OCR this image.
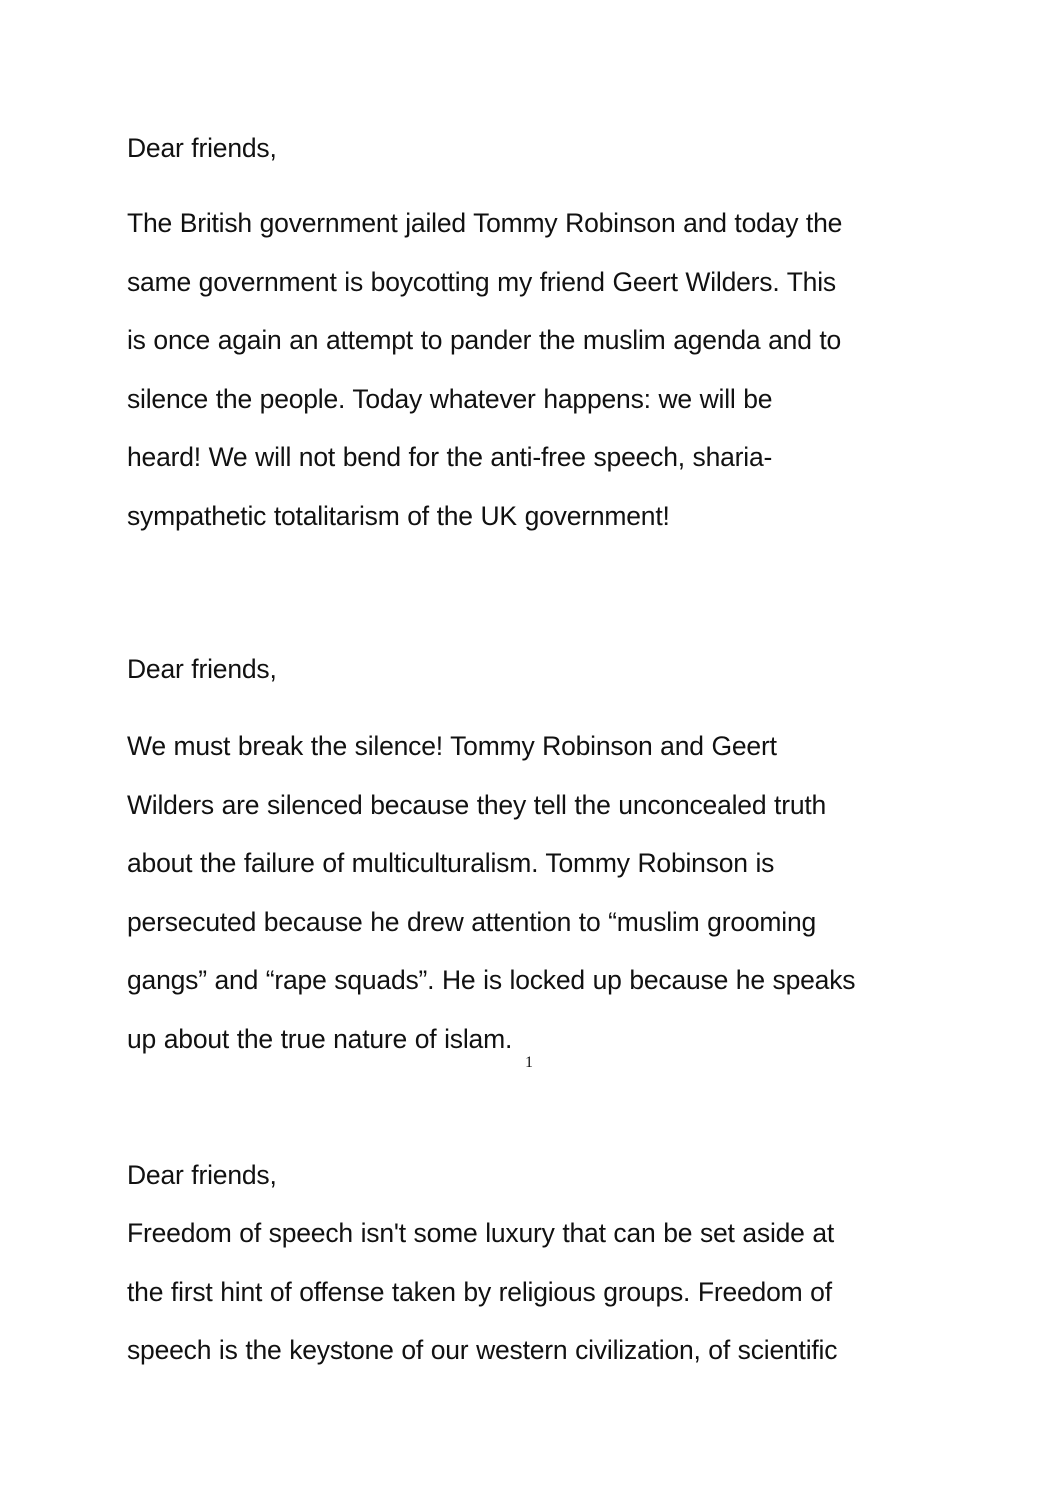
Dear friends,
The British government jailed Tommy Robinson and today the
same government is boycotting my friend Geert Wilders. This
is once again an attempt to pander the muslim agenda and to
silence the people. Today whatever happens: we will be
heard! We will not bend for the anti-free speech, sharia-
sympathetic totalitarism of the UK government!
Dear friends,
We must break the silence! Tommy Robinson and Geert
Wilders are silenced because they tell the unconcealed truth
about the failure of multiculturalism. Tommy Robinson is
persecuted because he drew attention to “muslim grooming
gangs” and “rape squads”. He is locked up because he speaks
up about the true nature of islam.
Dear friends,
Freedom of speech isn't some luxury that can be set aside at
the first hint of offense taken by religious groups. Freedom of
speech is the keystone of our western civilization, of scientific
1
